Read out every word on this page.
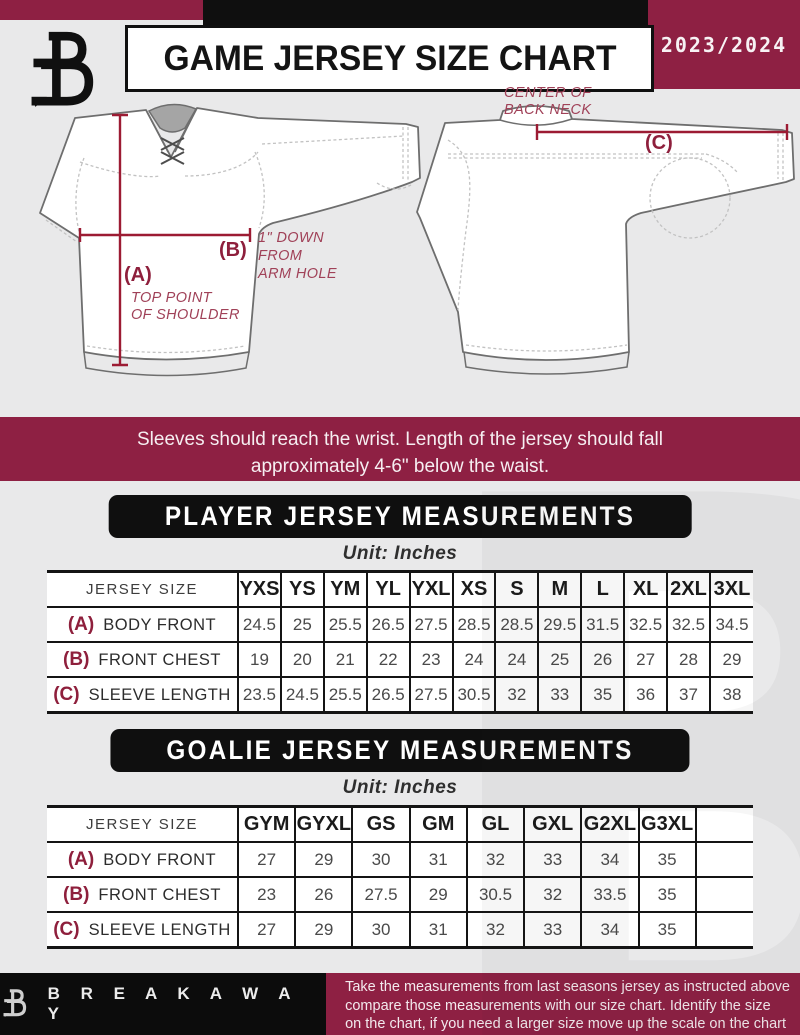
2023/2024
GAME JERSEY SIZE CHART
(B)
1" DOWN
FROM
ARM HOLE
(A)
TOP POINT
OF SHOULDER
(C)
CENTER OF
BACK NECK
Sleeves should reach the wrist. Length of the jersey should fall
approximately 4-6" below the waist.
PLAYER JERSEY MEASUREMENTS
Unit: Inches
JERSEY SIZE	YXS	YS	YM	YL	YXL	XS	S	M	L	XL	2XL	3XL
(A) BODY FRONT	24.5	25	25.5	26.5	27.5	28.5	28.5	29.5	31.5	32.5	32.5	34.5
(B) FRONT CHEST	19	20	21	22	23	24	24	25	26	27	28	29
(C) SLEEVE LENGTH	23.5	24.5	25.5	26.5	27.5	30.5	32	33	35	36	37	38
GOALIE JERSEY MEASUREMENTS
Unit: Inches
JERSEY SIZE	GYM	GYXL	GS	GM	GL	GXL	G2XL	G3XL	
(A) BODY FRONT	27	29	30	31	32	33	34	35	
(B) FRONT CHEST	23	26	27.5	29	30.5	32	33.5	35	
(C) SLEEVE LENGTH	27	29	30	31	32	33	34	35	
B R E A K A W A Y
Take the measurements from last seasons jersey as instructed above
compare those measurements with our size chart. Identify the size
on the chart, if you need a larger size move up the scale on the chart
